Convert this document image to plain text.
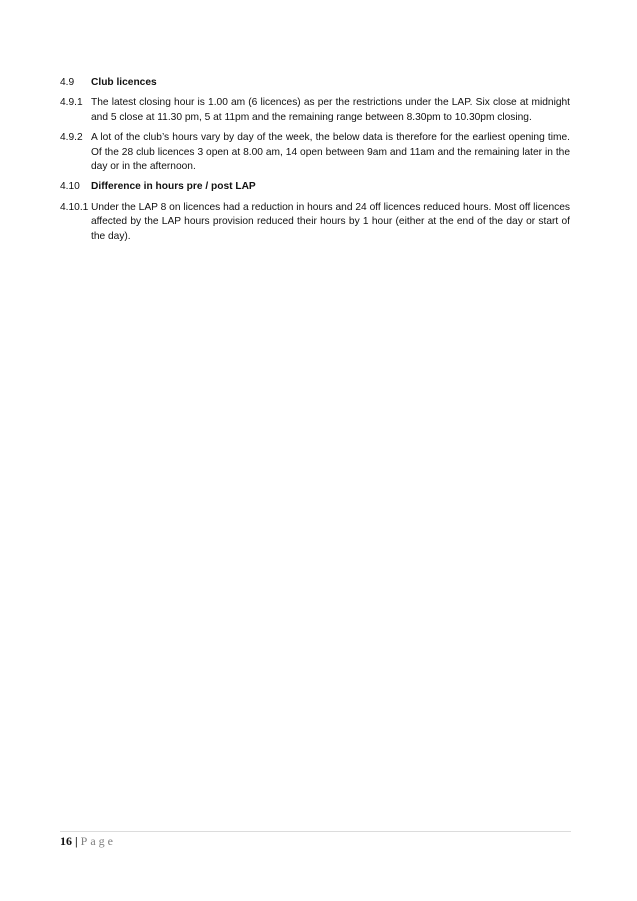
4.9	Club licences
4.9.1 The latest closing hour is 1.00 am (6 licences) as per the restrictions under the LAP. Six close at midnight and 5 close at 11.30 pm, 5 at 11pm and the remaining range between 8.30pm to 10.30pm closing.
4.9.2 A lot of the club’s hours vary by day of the week, the below data is therefore for the earliest opening time. Of the 28 club licences 3 open at 8.00 am, 14 open between 9am and 11am and the remaining later in the day or in the afternoon.
4.10	Difference in hours pre / post LAP
4.10.1 Under the LAP 8 on licences had a reduction in hours and 24 off licences reduced hours. Most off licences affected by the LAP hours provision reduced their hours by 1 hour (either at the end of the day or start of the day).
16 | Page
